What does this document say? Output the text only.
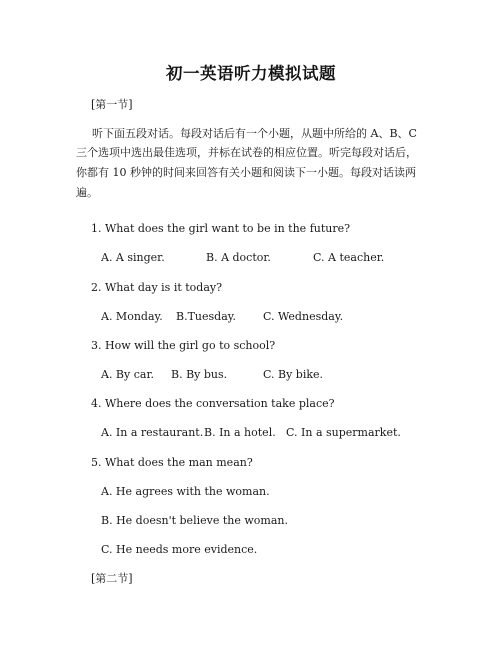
初一英语听力模拟试题
[第一节]
听下面五段对话。每段对话后有一个小题，从题中所给的 A、B、C
三个选项中选出最佳选项，并标在试卷的相应位置。听完每段对话后，
你都有 10 秒钟的时间来回答有关小题和阅读下一小题。每段对话读两
遍。
1. What does the girl want to be in the future?
A. A singer.	B. A doctor.	C. A teacher.
2. What day is it today?
A. Monday. B.Tuesday. C. Wednesday.
3. How will the girl go to school?
A. By car. B. By bus.	C. By bike.
4. Where does the conversation take place?
A. In a restaurant.B. In a hotel. C. In a supermarket.
5. What does the man mean?
A. He agrees with the woman.
B. He doesn't believe the woman.
C. He needs more evidence.
[第二节]
